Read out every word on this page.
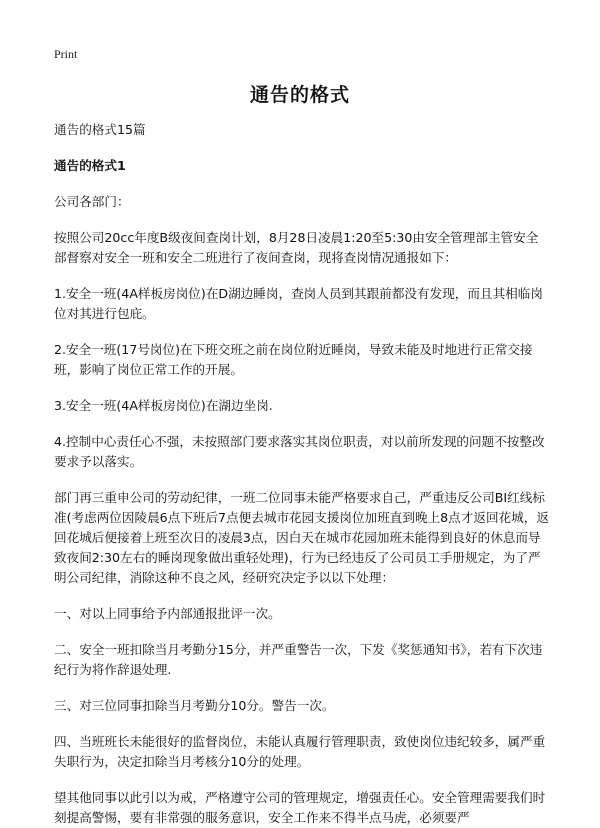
Print
通告的格式

通告的格式15篇

通告的格式1

公司各部门：

按照公司20cc年度B级夜间查岗计划，8月28日凌晨1:20至5:30由安全管理部主管安全部督察对安全一班和安全二班进行了夜间查岗，现将查岗情况通报如下：

1.安全一班(4A样板房岗位)在D湖边睡岗，查岗人员到其跟前都没有发现，而且其相临岗位对其进行包庇。

2.安全一班(17号岗位)在下班交班之前在岗位附近睡岗，导致未能及时地进行正常交接班，影响了岗位正常工作的开展。

3.安全一班(4A样板房岗位)在湖边坐岗.

4.控制中心责任心不强，未按照部门要求落实其岗位职责，对以前所发现的问题不按整改要求予以落实。

部门再三重申公司的劳动纪律，一班二位同事未能严格要求自己，严重违反公司BI红线标准(考虑两位因陵晨6点下班后7点便去城市花园支援岗位加班直到晚上8点才返回花城，返回花城后便接着上班至次日的凌晨3点，因白天在城市花园加班未能得到良好的休息而导致夜间2:30左右的睡岗现象做出重轻处理)，行为已经违反了公司员工手册规定，为了严明公司纪律，消除这种不良之风，经研究决定予以以下处理：

一、对以上同事给予内部通报批评一次。

二、安全一班扣除当月考勤分15分，并严重警告一次，下发《奖惩通知书》，若有下次违纪行为将作辞退处理.

三、对三位同事扣除当月考勤分10分。警告一次。

四、当班班长未能很好的监督岗位，未能认真履行管理职责，致使岗位违纪较多，属严重失职行为，决定扣除当月考核分10分的处理。

望其他同事以此引以为戒，严格遵守公司的管理规定，增强责任心。安全管理需要我们时刻提高警惕，要有非常强的服务意识，安全工作来不得半点马虎，必须要严
